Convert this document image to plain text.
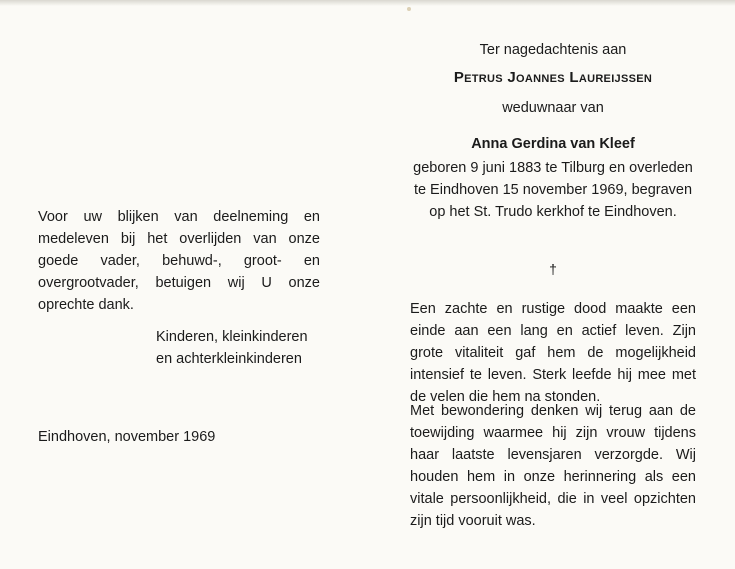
Voor uw blijken van deelneming en medeleven bij het overlijden van onze goede vader, behuwd-, groot- en overgrootvader, betuigen wij U onze oprechte dank.

Kinderen, kleinkinderen

en achterkleinkinderen

Eindhoven, november 1969
Ter nagedachtenis aan
Petrus Joannes Laureijssen
weduwnaar van
Anna Gerdina van Kleef
geboren 9 juni 1883 te Tilburg en overleden te Eindhoven 15 november 1969, begraven op het St. Trudo kerkhof te Eindhoven.
†
Een zachte en rustige dood maakte een einde aan een lang en actief leven. Zijn grote vitaliteit gaf hem de mogelijkheid intensief te leven. Sterk leefde hij mee met de velen die hem na stonden.
Met bewondering denken wij terug aan de toewijding waarmee hij zijn vrouw tijdens haar laatste levensjaren verzorgde. Wij houden hem in onze herinnering als een vitale persoonlijkheid, die in veel opzichten zijn tijd vooruit was.
